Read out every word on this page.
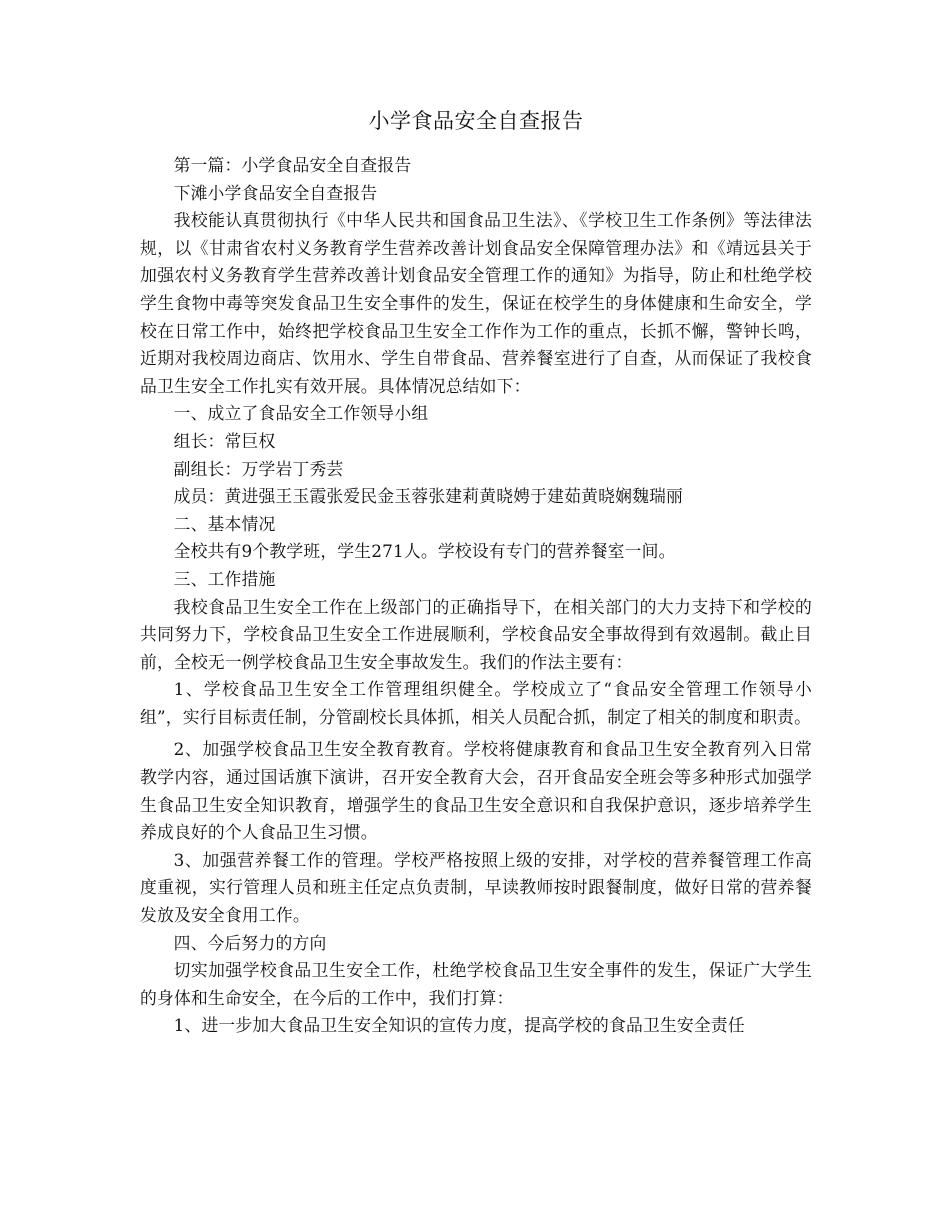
小学食品安全自查报告

第一篇：小学食品安全自查报告

下滩小学食品安全自查报告

我校能认真贯彻执行《中华人民共和国食品卫生法》、《学校卫生工作条例》等法律法规，以《甘肃省农村义务教育学生营养改善计划食品安全保障管理办法》和《靖远县关于加强农村义务教育学生营养改善计划食品安全管理工作的通知》为指导，防止和杜绝学校学生食物中毒等突发食品卫生安全事件的发生，保证在校学生的身体健康和生命安全，学校在日常工作中，始终把学校食品卫生安全工作作为工作的重点，长抓不懈，警钟长鸣，近期对我校周边商店、饮用水、学生自带食品、营养餐室进行了自查，从而保证了我校食品卫生安全工作扎实有效开展。具体情况总结如下：

一、成立了食品安全工作领导小组

组长：常巨权

副组长：万学岩丁秀芸

成员：黄进强王玉霞张爱民金玉蓉张建莉黄晓娉于建茹黄晓娴魏瑞丽

二、基本情况

全校共有9个教学班，学生271人。学校设有专门的营养餐室一间。

三、工作措施

我校食品卫生安全工作在上级部门的正确指导下，在相关部门的大力支持下和学校的共同努力下，学校食品卫生安全工作进展顺利，学校食品安全事故得到有效遏制。截止目前，全校无一例学校食品卫生安全事故发生。我们的作法主要有：

1、学校食品卫生安全工作管理组织健全。学校成立了“食品安全管理工作领导小组”，实行目标责任制，分管副校长具体抓，相关人员配合抓，制定了相关的制度和职责。

2、加强学校食品卫生安全教育教育。学校将健康教育和食品卫生安全教育列入日常教学内容，通过国话旗下演讲，召开安全教育大会，召开食品安全班会等多种形式加强学生食品卫生安全知识教育，增强学生的食品卫生安全意识和自我保护意识，逐步培养学生养成良好的个人食品卫生习惯。

3、加强营养餐工作的管理。学校严格按照上级的安排，对学校的营养餐管理工作高度重视，实行管理人员和班主任定点负责制，早读教师按时跟餐制度，做好日常的营养餐发放及安全食用工作。

四、今后努力的方向

切实加强学校食品卫生安全工作，杜绝学校食品卫生安全事件的发生，保证广大学生的身体和生命安全，在今后的工作中，我们打算：

1、进一步加大食品卫生安全知识的宣传力度，提高学校的食品卫生安全责任
